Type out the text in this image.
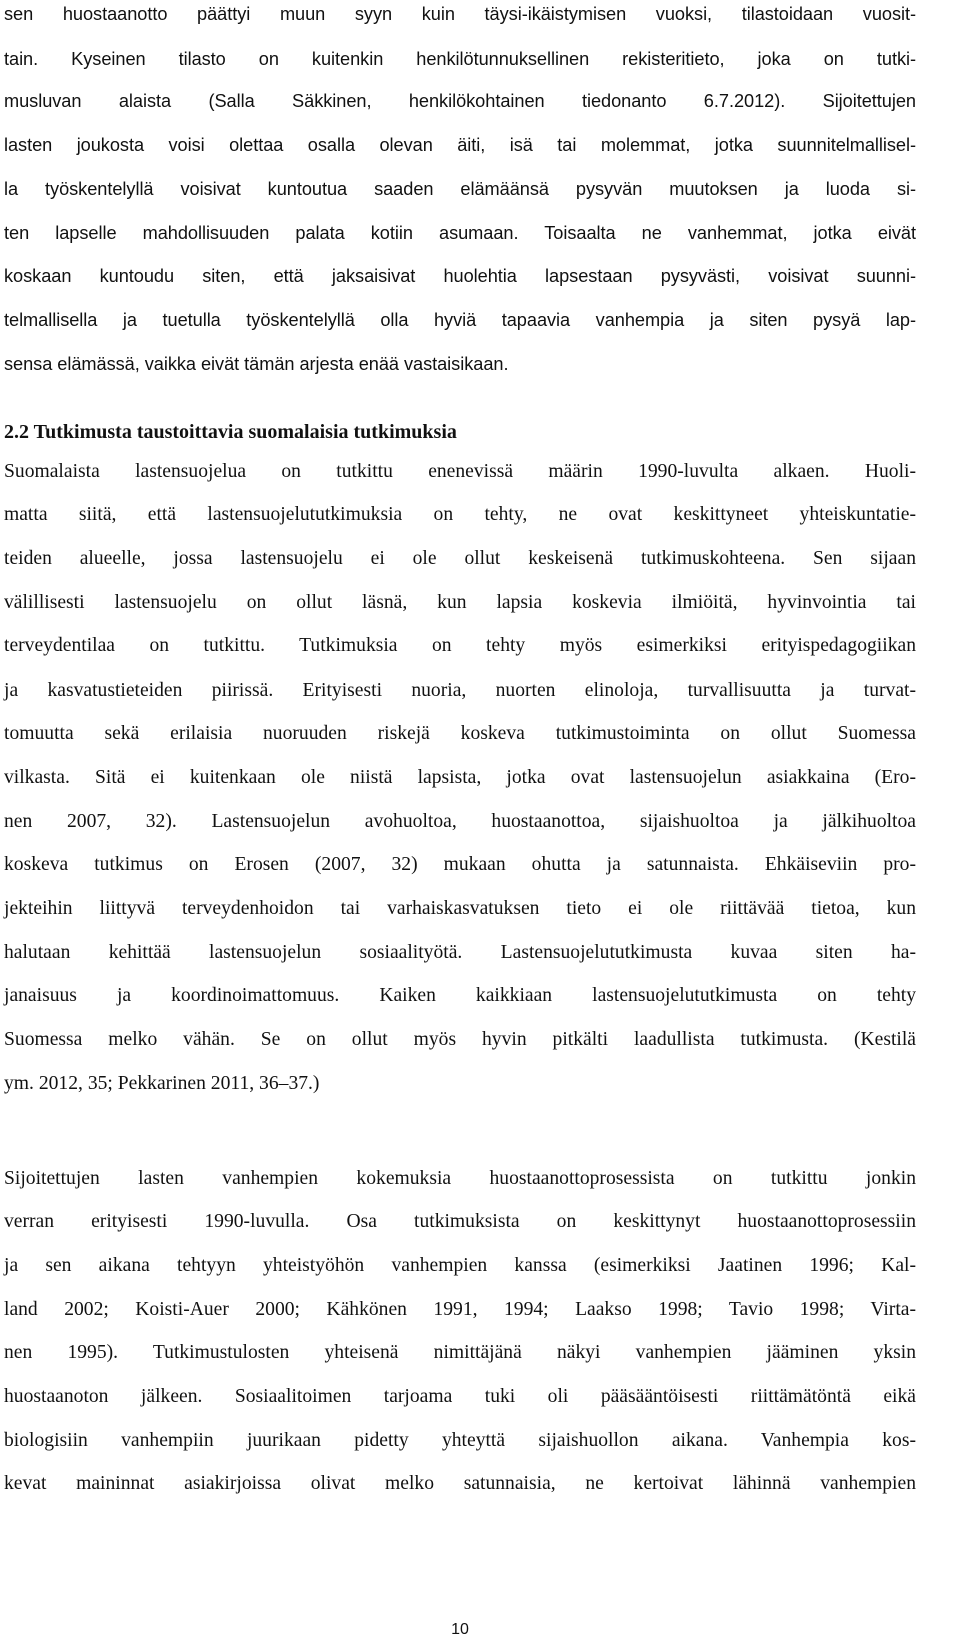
sen huostaanotto päättyi muun syyn kuin täysi-ikäistymisen vuoksi, tilastoidaan vuosit-
tain. Kyseinen tilasto on kuitenkin henkilötunnuksellinen rekisteritieto, joka on tutki-
musluvan alaista (Salla Säkkinen, henkilökohtainen tiedonanto 6.7.2012). Sijoitettujen
lasten joukosta voisi olettaa osalla olevan äiti, isä tai molemmat, jotka suunnitelmallisel-
la työskentelyllä voisivat kuntoutua saaden elämäänsä pysyvän muutoksen ja luoda si-
ten lapselle mahdollisuuden palata kotiin asumaan. Toisaalta ne vanhemmat, jotka eivät
koskaan kuntoudu siten, että jaksaisivat huolehtia lapsestaan pysyvästi, voisivat suunni-
telmallisella ja tuetulla työskentelyllä olla hyviä tapaavia vanhempia ja siten pysyä lap-
sensa elämässä, vaikka eivät tämän arjesta enää vastaisikaan.
2.2 Tutkimusta taustoittavia suomalaisia tutkimuksia
Suomalaista lastensuojelua on tutkittu enenevissä määrin 1990-luvulta alkaen. Huoli-
matta siitä, että lastensuojelututkimuksia on tehty, ne ovat keskittyneet yhteiskuntatie-
teiden alueelle, jossa lastensuojelu ei ole ollut keskeisenä tutkimuskohteena. Sen sijaan
välillisesti lastensuojelu on ollut läsnä, kun lapsia koskevia ilmiöitä, hyvinvointia tai
terveydentilaa on tutkittu. Tutkimuksia on tehty myös esimerkiksi erityispedagogiikan
ja kasvatustieteiden piirissä. Erityisesti nuoria, nuorten elinoloja, turvallisuutta ja turvat-
tomuutta sekä erilaisia nuoruuden riskejä koskeva tutkimustoiminta on ollut Suomessa
vilkasta. Sitä ei kuitenkaan ole niistä lapsista, jotka ovat lastensuojelun asiakkaina (Ero-
nen 2007, 32). Lastensuojelun avohuoltoa, huostaanottoa, sijaishuoltoa ja jälkihuoltoa
koskeva tutkimus on Erosen (2007, 32) mukaan ohutta ja satunnaista. Ehkäiseviin pro-
jekteihin liittyvä terveydenhoidon tai varhaiskasvatuksen tieto ei ole riittävää tietoa, kun
halutaan kehittää lastensuojelun sosiaalityötä. Lastensuojelututkimusta kuvaa siten ha-
janaisuus ja koordinoimattomuus. Kaiken kaikkiaan lastensuojelututkimusta on tehty
Suomessa melko vähän. Se on ollut myös hyvin pitkälti laadullista tutkimusta. (Kestilä
ym. 2012, 35; Pekkarinen 2011, 36–37.)
Sijoitettujen lasten vanhempien kokemuksia huostaanottoprosessista on tutkittu jonkin
verran erityisesti 1990-luvulla. Osa tutkimuksista on keskittynyt huostaanottoprosessiin
ja sen aikana tehtyyn yhteistyöhön vanhempien kanssa (esimerkiksi Jaatinen 1996; Kal-
land 2002; Koisti-Auer 2000; Kähkönen 1991, 1994; Laakso 1998; Tavio 1998; Virta-
nen 1995). Tutkimustulosten yhteisenä nimittäjänä näkyi vanhempien jääminen yksin
huostaanoton jälkeen. Sosiaalitoimen tarjoama tuki oli pääsääntöisesti riittämätöntä eikä
biologisiin vanhempiin juurikaan pidetty yhteyttä sijaishuollon aikana. Vanhempia kos-
kevat maininnat asiakirjoissa olivat melko satunnaisia, ne kertoivat lähinnä vanhempien
10
